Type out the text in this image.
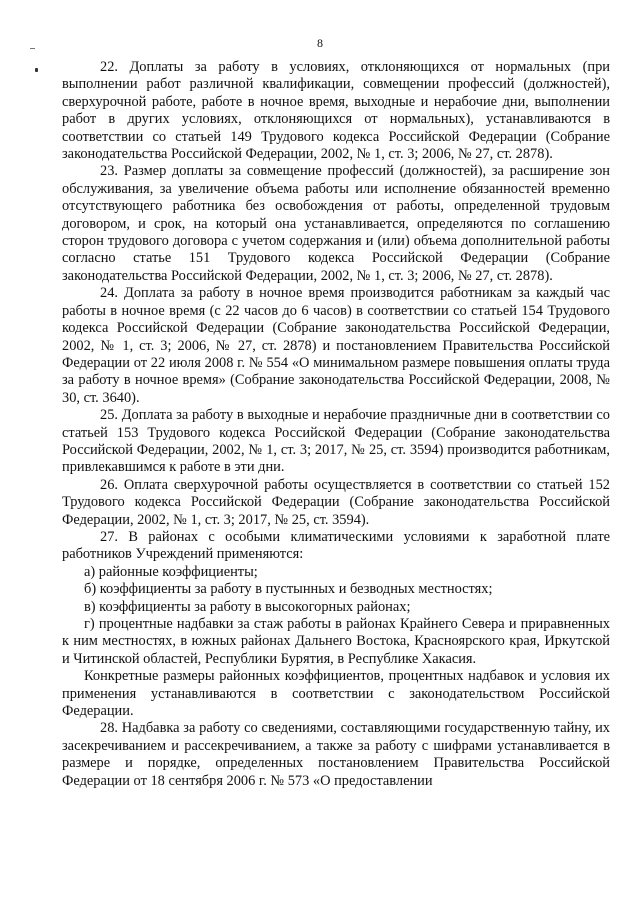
8

22. Доплаты за работу в условиях, отклоняющихся от нормальных (при выполнении работ различной квалификации, совмещении профессий (должностей), сверхурочной работе, работе в ночное время, выходные и нерабочие дни, выполнении работ в других условиях, отклоняющихся от нормальных), устанавливаются в соответствии со статьей 149 Трудового кодекса Российской Федерации (Собрание законодательства Российской Федерации, 2002, № 1, ст. 3; 2006, № 27, ст. 2878).

23. Размер доплаты за совмещение профессий (должностей), за расширение зон обслуживания, за увеличение объема работы или исполнение обязанностей временно отсутствующего работника без освобождения от работы, определенной трудовым договором, и срок, на который она устанавливается, определяются по соглашению сторон трудового договора с учетом содержания и (или) объема дополнительной работы согласно статье 151 Трудового кодекса Российской Федерации (Собрание законодательства Российской Федерации, 2002, № 1, ст. 3; 2006, № 27, ст. 2878).

24. Доплата за работу в ночное время производится работникам за каждый час работы в ночное время (с 22 часов до 6 часов) в соответствии со статьей 154 Трудового кодекса Российской Федерации (Собрание законодательства Российской Федерации, 2002, № 1, ст. 3; 2006, № 27, ст. 2878) и постановлением Правительства Российской Федерации от 22 июля 2008 г. № 554 «О минимальном размере повышения оплаты труда за работу в ночное время» (Собрание законодательства Российской Федерации, 2008, № 30, ст. 3640).

25. Доплата за работу в выходные и нерабочие праздничные дни в соответствии со статьей 153 Трудового кодекса Российской Федерации (Собрание законодательства Российской Федерации, 2002, № 1, ст. 3; 2017, № 25, ст. 3594) производится работникам, привлекавшимся к работе в эти дни.

26. Оплата сверхурочной работы осуществляется в соответствии со статьей 152 Трудового кодекса Российской Федерации (Собрание законодательства Российской Федерации, 2002, № 1, ст. 3; 2017, № 25, ст. 3594).

27. В районах с особыми климатическими условиями к заработной плате работников Учреждений применяются:

а) районные коэффициенты;

б) коэффициенты за работу в пустынных и безводных местностях;

в) коэффициенты за работу в высокогорных районах;

г) процентные надбавки за стаж работы в районах Крайнего Севера и приравненных к ним местностях, в южных районах Дальнего Востока, Красноярского края, Иркутской и Читинской областей, Республики Бурятия, в Республике Хакасия.

Конкретные размеры районных коэффициентов, процентных надбавок и условия их применения устанавливаются в соответствии с законодательством Российской Федерации.

28. Надбавка за работу со сведениями, составляющими государственную тайну, их засекречиванием и рассекречиванием, а также за работу с шифрами устанавливается в размере и порядке, определенных постановлением Правительства Российской Федерации от 18 сентября 2006 г. № 573 «О предоставлении
